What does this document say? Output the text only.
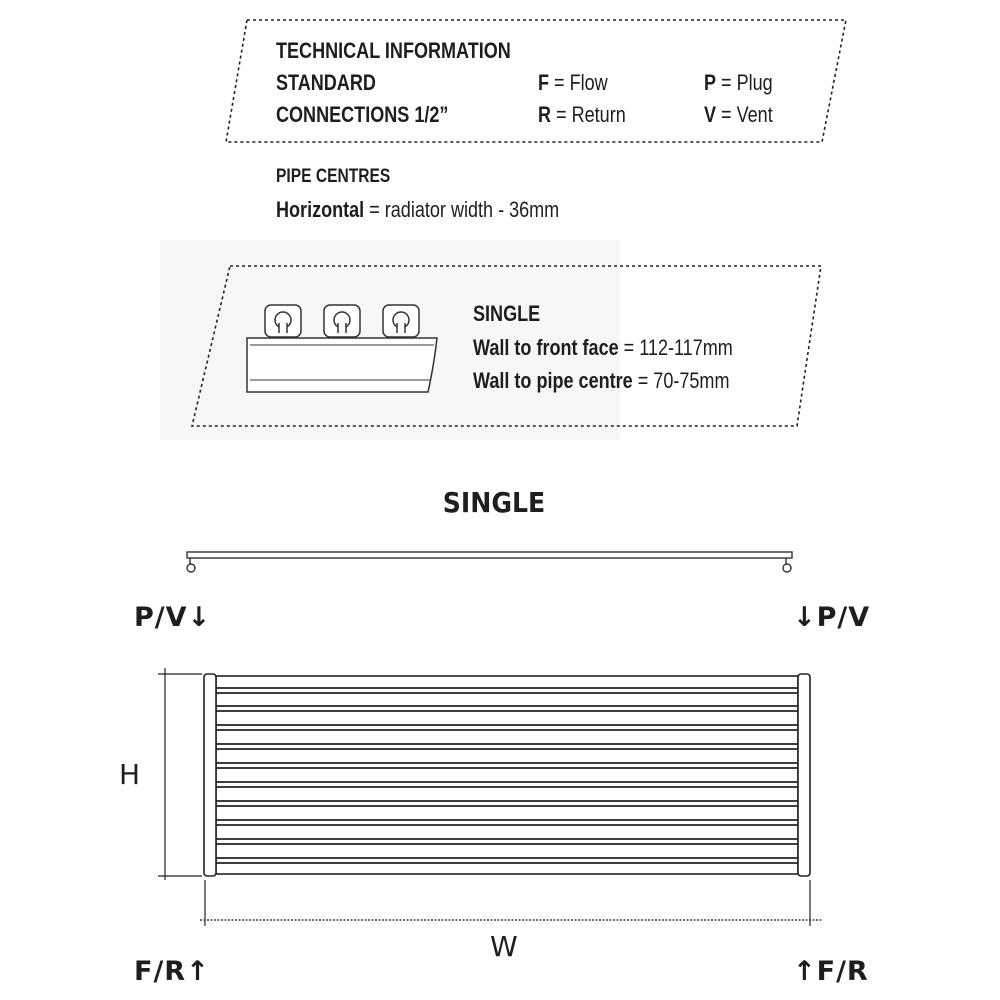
TECHNICAL INFORMATION
STANDARD
CONNECTIONS 1/2”
F = Flow
R = Return
P = Plug
V = Vent
PIPE CENTRES
Horizontal = radiator width - 36mm
SINGLE
Wall to front face = 112-117mm
Wall to pipe centre = 70-75mm
SINGLE
P/V↓	↓P/V
F/R↑	↑F/R
H
W
